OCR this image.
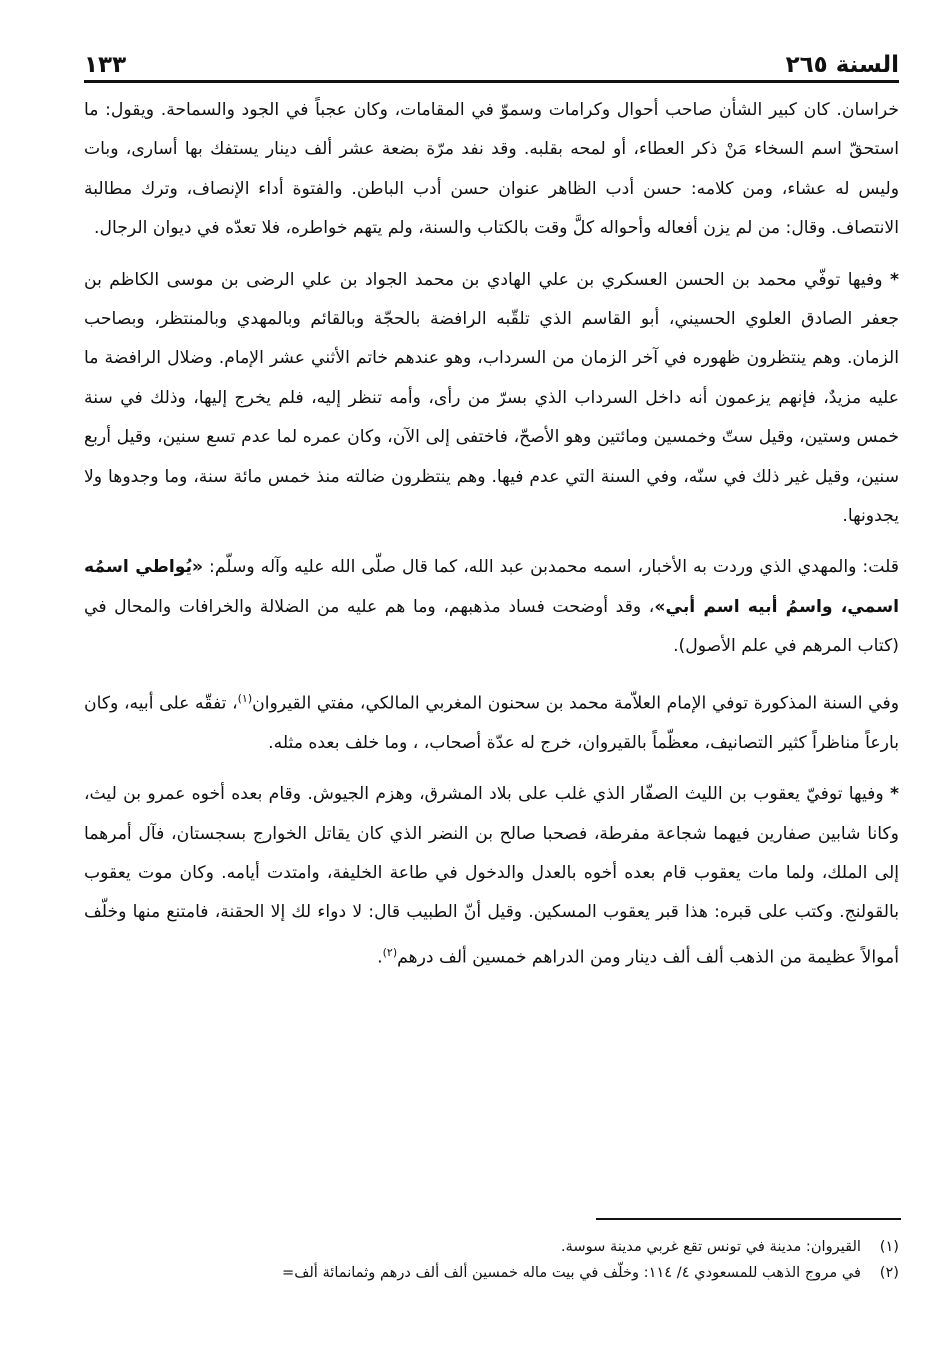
السنة ٢٦٥
١٣٣

خراسان. كان كبير الشأن صاحب أحوال وكرامات وسموّ في المقامات، وكان عجباً في الجود والسماحة. ويقول: ما استحقّ اسم السخاء مَنْ ذكر العطاء، أو لمحه بقلبه. وقد نفد مرّة بضعة عشر ألف دينار يستفك بها أسارى، وبات وليس له عشاء، ومن كلامه: حسن أدب الظاهر عنوان حسن أدب الباطن. والفتوة أداء الإنصاف، وترك مطالبة الانتصاف. وقال: من لم يزن أفعاله وأحواله كلَّ وقت بالكتاب والسنة، ولم يتهم خواطره، فلا تعدّه في ديوان الرجال.

* وفيها توفّي محمد بن الحسن العسكري بن علي الهادي بن محمد الجواد بن علي الرضى بن موسى الكاظم بن جعفر الصادق العلوي الحسيني، أبو القاسم الذي تلقّبه الرافضة بالحجّة وبالقائم وبالمهدي وبالمنتظر، وبصاحب الزمان. وهم ينتظرون ظهوره في آخر الزمان من السرداب، وهو عندهم خاتم الأثني عشر الإمام. وضلال الرافضة ما عليه مزيدٌ، فإنهم يزعمون أنه داخل السرداب الذي بسرّ من رأى، وأمه تنظر إليه، فلم يخرج إليها، وذلك في سنة خمس وستين، وقيل ستّ وخمسين ومائتين وهو الأصحّ، فاختفى إلى الآن، وكان عمره لما عدم تسع سنين، وقيل أربع سنين، وقيل غير ذلك في سنّه، وفي السنة التي عدم فيها. وهم ينتظرون ضالته منذ خمس مائة سنة، وما وجدوها ولا يجدونها.

قلت: والمهدي الذي وردت به الأخبار، اسمه محمدبن عبد الله، كما قال صلّى الله عليه وآله وسلّم: «يُواطي اسمُه اسمي، واسمُ أبيه اسم أبي»، وقد أوضحت فساد مذهبهم، وما هم عليه من الضلالة والخرافات والمحال في (كتاب المرهم في علم الأصول).

وفي السنة المذكورة توفي الإمام العلاّمة محمد بن سحنون المغربي المالكي، مفتي القيروان$^{(١)}$، تفقّه على أبيه، وكان بارعاً مناظراً كثير التصانيف، معظّماً بالقيروان، خرج له عدّة أصحاب، ، وما خلف بعده مثله.

* وفيها توفيّ يعقوب بن الليث الصفّار الذي غلب على بلاد المشرق، وهزم الجيوش. وقام بعده أخوه عمرو بن ليث، وكانا شابين صفارين فيهما شجاعة مفرطة، فصحبا صالح بن النضر الذي كان يقاتل الخوارج بسجستان، فآل أمرهما إلى الملك، ولما مات يعقوب قام بعده أخوه بالعدل والدخول في طاعة الخليفة، وامتدت أيامه. وكان موت يعقوب بالقولنج. وكتب على قبره: هذا قبر يعقوب المسكين. وقيل أنّ الطبيب قال: لا دواء لك إلا الحقنة، فامتنع منها وخلّف أموالاً عظيمة من الذهب ألف ألف دينار ومن الدراهم خمسين ألف درهم$^{(٢)}$.

(١)
القيروان: مدينة في تونس تقع غربي مدينة سوسة.
(٢)
في مروج الذهب للمسعودي ٤/ ١١٤: وخلّف في بيت ماله خمسين ألف ألف درهم وثمانمائة ألف=
